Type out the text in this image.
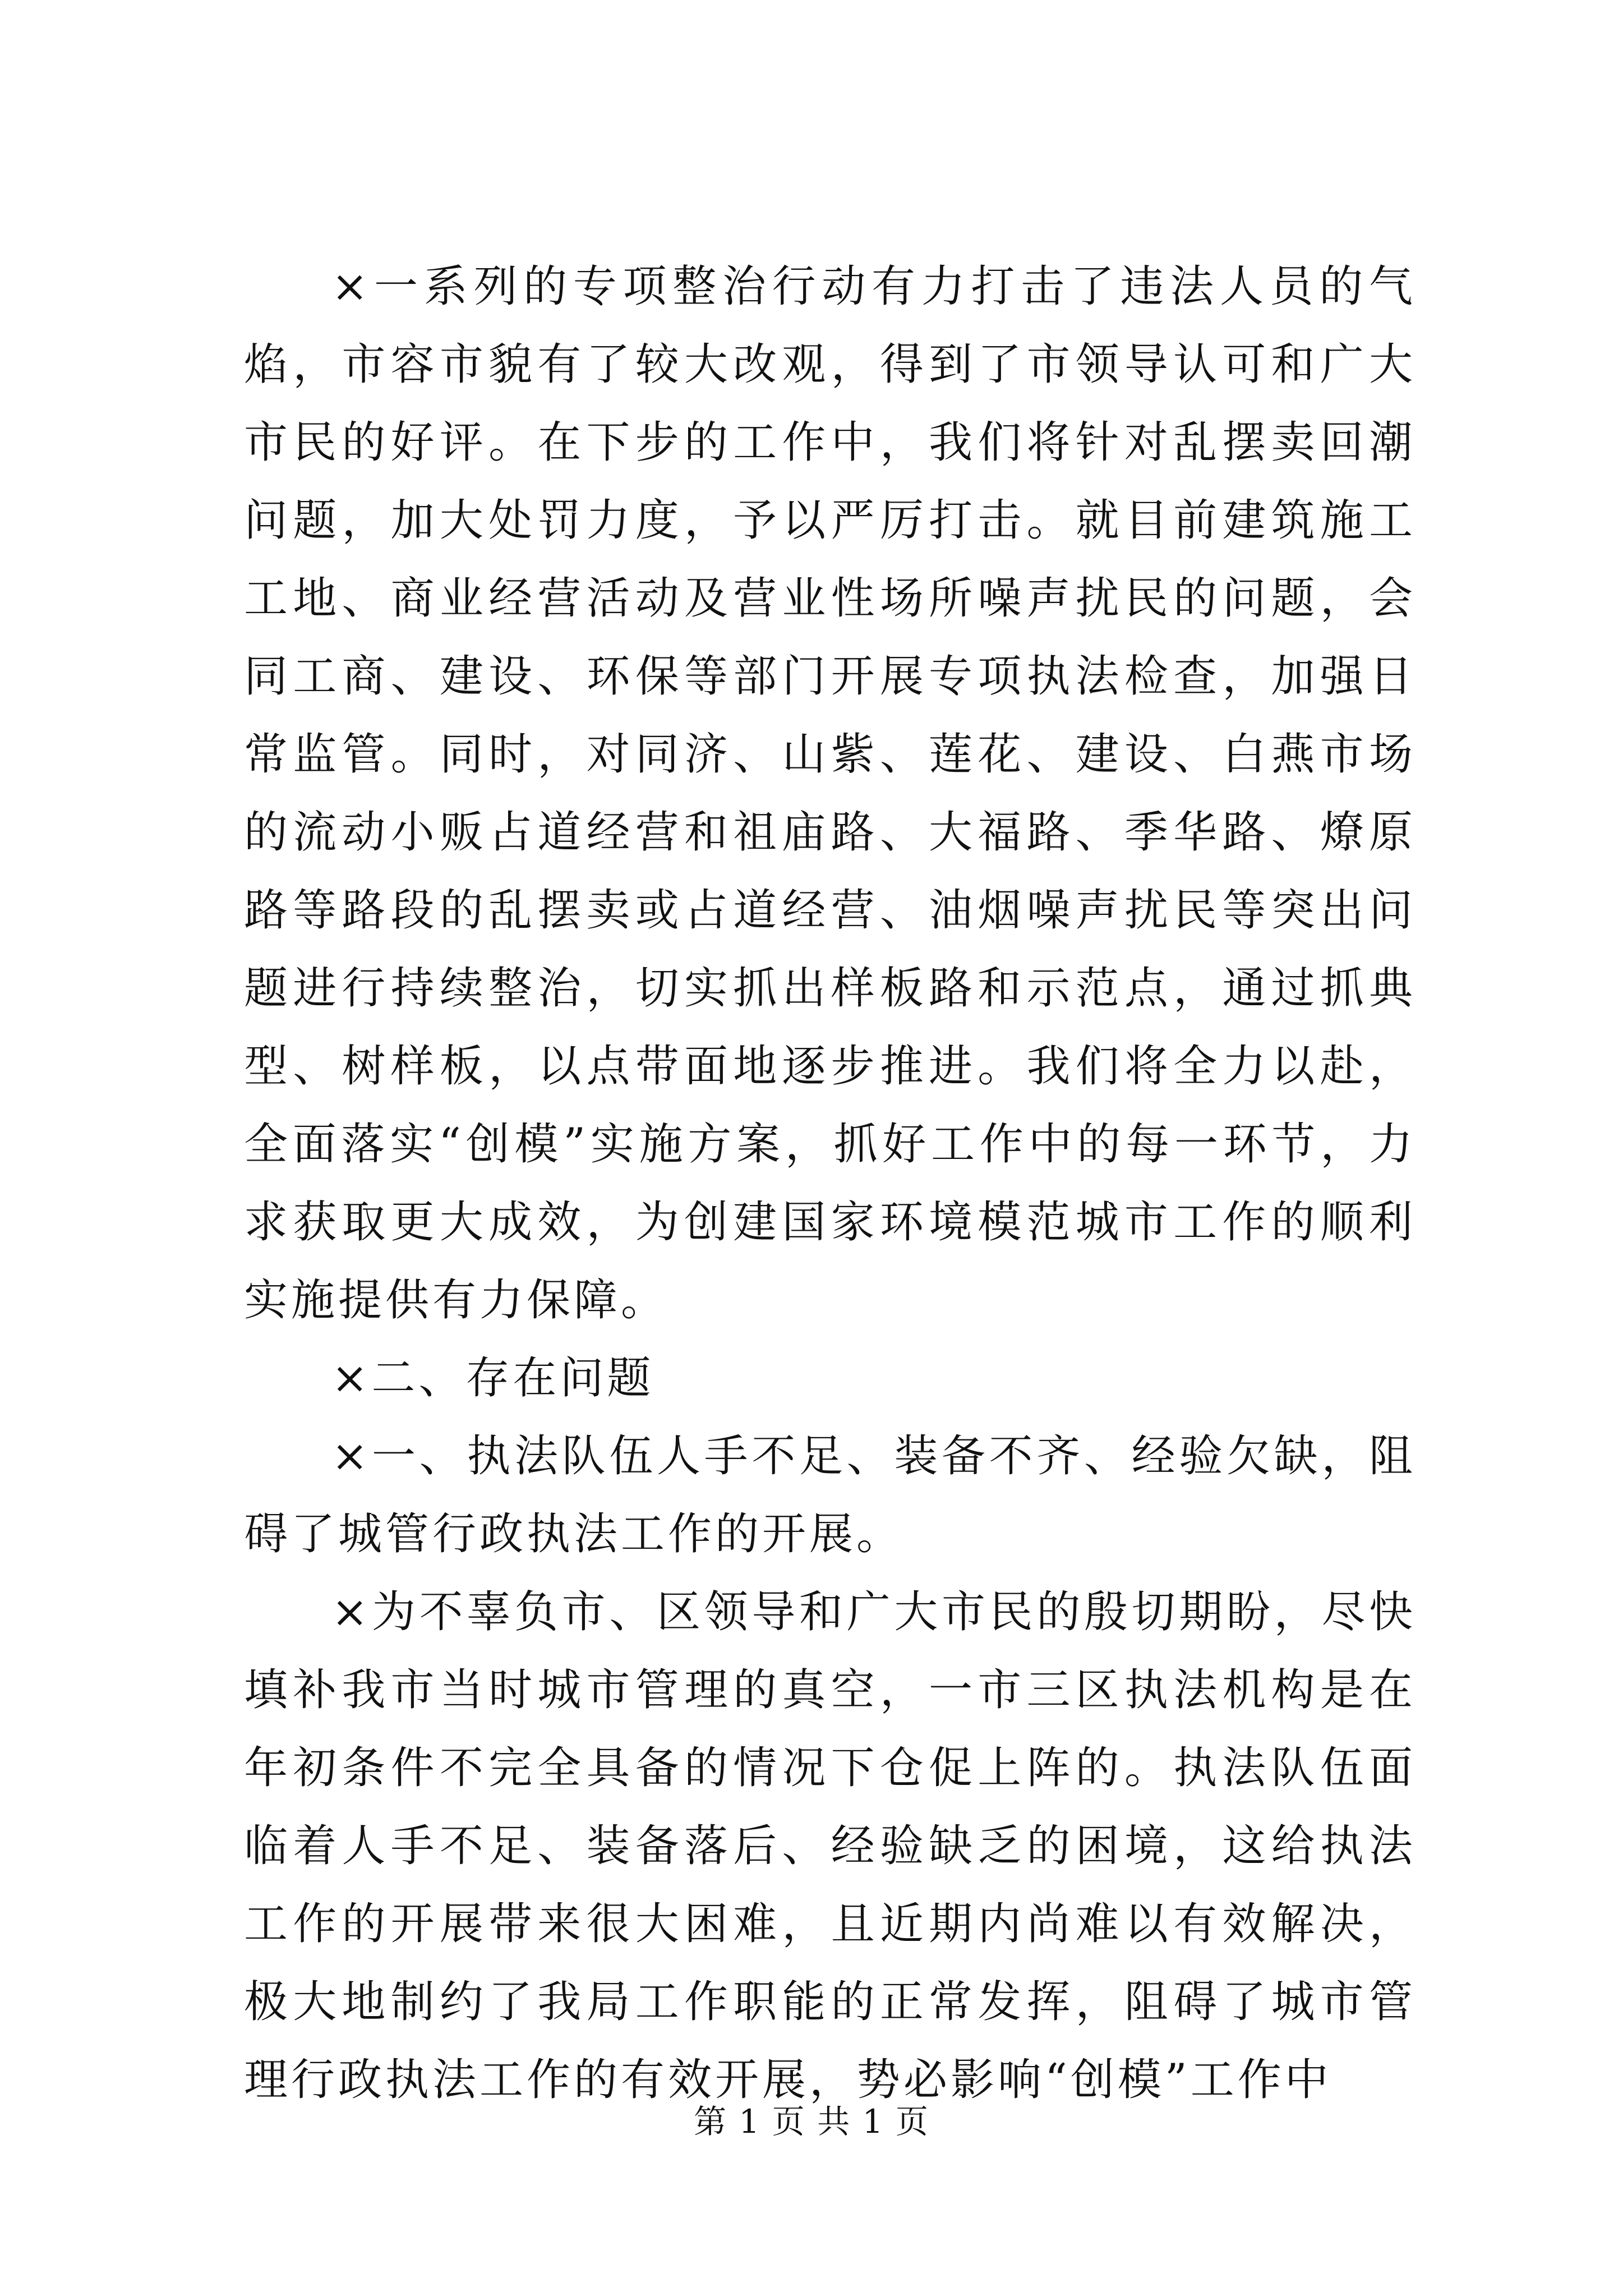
×一系列的专项整治行动有力打击了违法人员的气焰，市容市貌有了较大改观，得到了市领导认可和广大市民的好评。在下步的工作中，我们将针对乱摆卖回潮问题，加大处罚力度，予以严厉打击。就目前建筑施工工地、商业经营活动及营业性场所噪声扰民的问题，会同工商、建设、环保等部门开展专项执法检查，加强日常监管。同时，对同济、山紫、莲花、建设、白燕市场的流动小贩占道经营和祖庙路、大福路、季华路、燎原路等路段的乱摆卖或占道经营、油烟噪声扰民等突出问题进行持续整治，切实抓出样板路和示范点，通过抓典型、树样板，以点带面地逐步推进。我们将全力以赴，全面落实“创模”实施方案，抓好工作中的每一环节，力求获取更大成效，为创建国家环境模范城市工作的顺利实施提供有力保障。

×二、存在问题

×一、执法队伍人手不足、装备不齐、经验欠缺，阻碍了城管行政执法工作的开展。

×为不辜负市、区领导和广大市民的殷切期盼，尽快填补我市当时城市管理的真空，一市三区执法机构是在年初条件不完全具备的情况下仓促上阵的。执法队伍面临着人手不足、装备落后、经验缺乏的困境，这给执法工作的开展带来很大困难，且近期内尚难以有效解决，极大地制约了我局工作职能的正常发挥，阻碍了城市管理行政执法工作的有效开展，势必影响“创模”工作中

第 1 页 共 1 页
